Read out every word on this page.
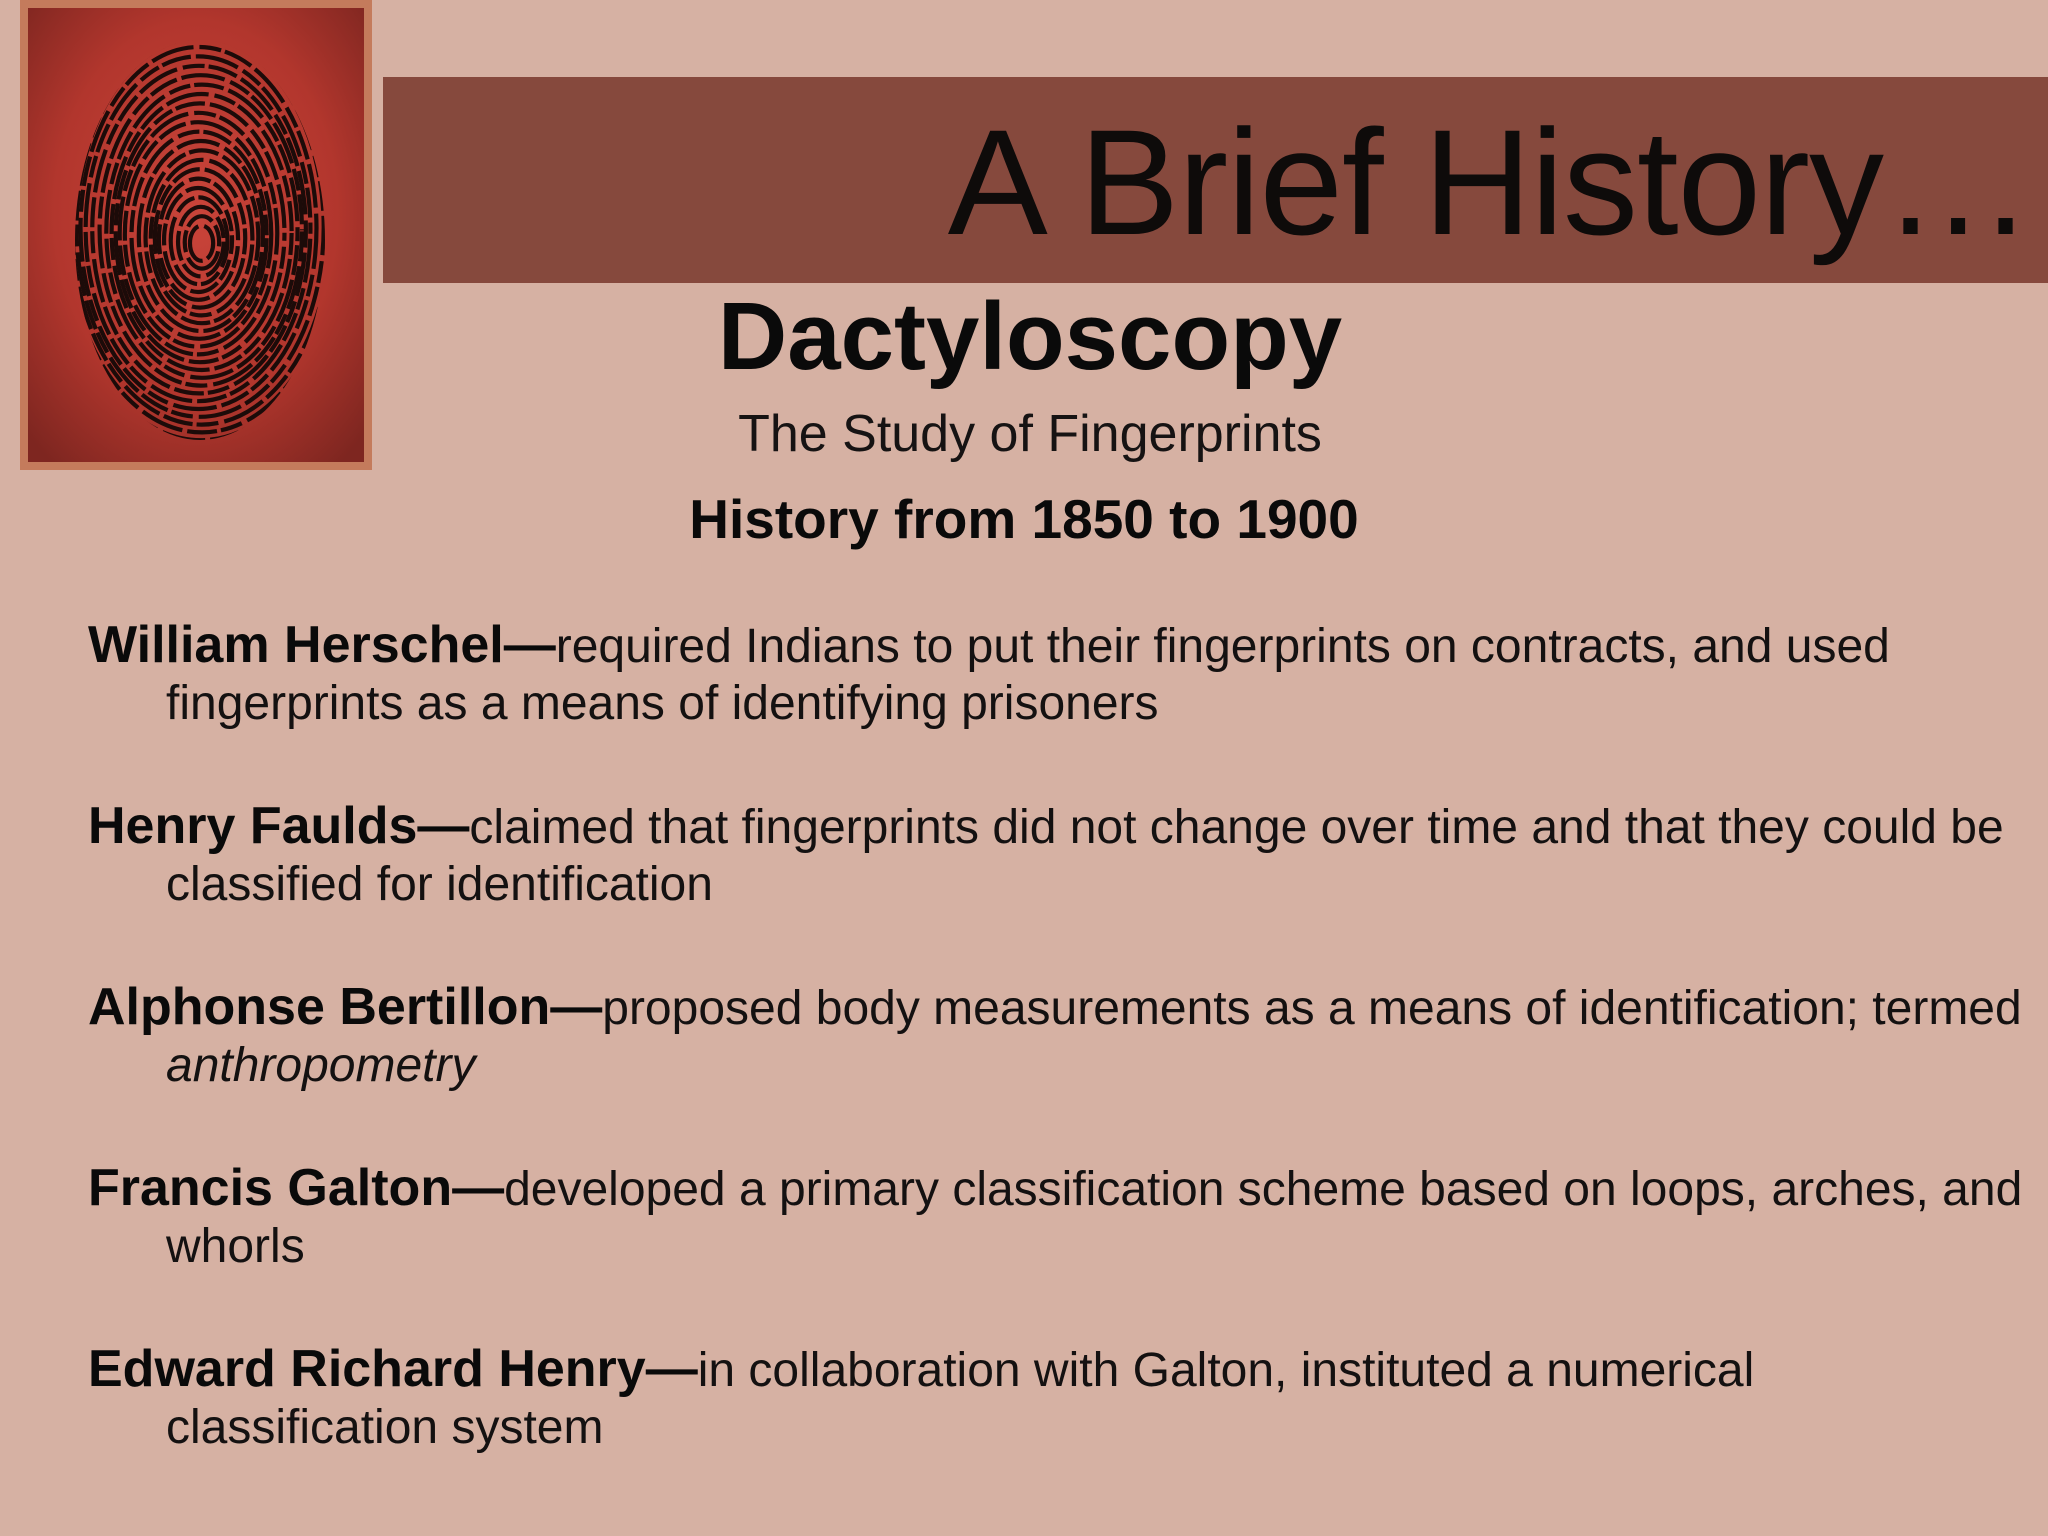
A Brief History…
Dactyloscopy
The Study of Fingerprints
History from 1850 to 1900

William Herschel—required Indians to put their fingerprints on contracts, and used fingerprints as a means of identifying prisoners

Henry Faulds—claimed that fingerprints did not change over time and that they could be classified for identification

Alphonse Bertillon—proposed body measurements as a means of identification; termed anthropometry

Francis Galton—developed a primary classification scheme based on loops, arches, and whorls

Edward Richard Henry—in collaboration with Galton, instituted a numerical classification system
